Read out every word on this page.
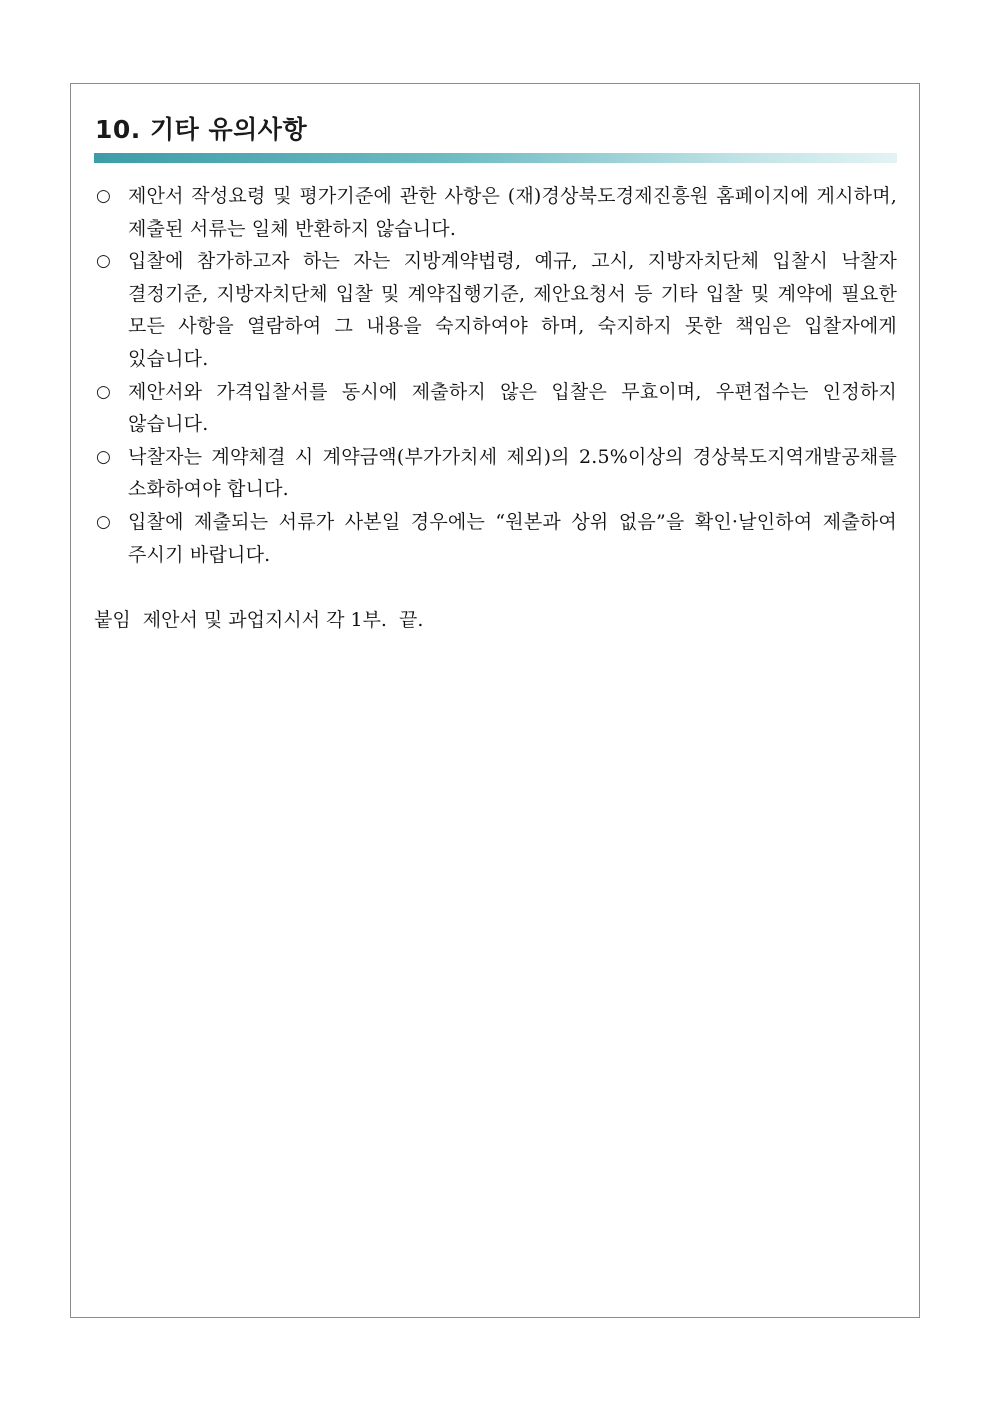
10. 기타 유의사항
○ 제안서 작성요령 및 평가기준에 관한 사항은 (재)경상북도경제진흥원 홈페이지에 게시하며, 제출된 서류는 일체 반환하지 않습니다.
○ 입찰에 참가하고자 하는 자는 지방계약법령, 예규, 고시, 지방자치단체 입찰시 낙찰자 결정기준, 지방자치단체 입찰 및 계약집행기준, 제안요청서 등 기타 입찰 및 계약에 필요한 모든 사항을 열람하여 그 내용을 숙지하여야 하며, 숙지하지 못한 책임은 입찰자에게 있습니다.
○ 제안서와 가격입찰서를 동시에 제출하지 않은 입찰은 무효이며, 우편접수는 인정하지 않습니다.
○ 낙찰자는 계약체결 시 계약금액(부가가치세 제외)의 2.5%이상의 경상북도지역개발공채를 소화하여야 합니다.
○ 입찰에 제출되는 서류가 사본일 경우에는 “원본과 상위 없음”을 확인·날인하여 제출하여 주시기 바랍니다.

붙임  제안서 및 과업지시서 각 1부.  끝.
